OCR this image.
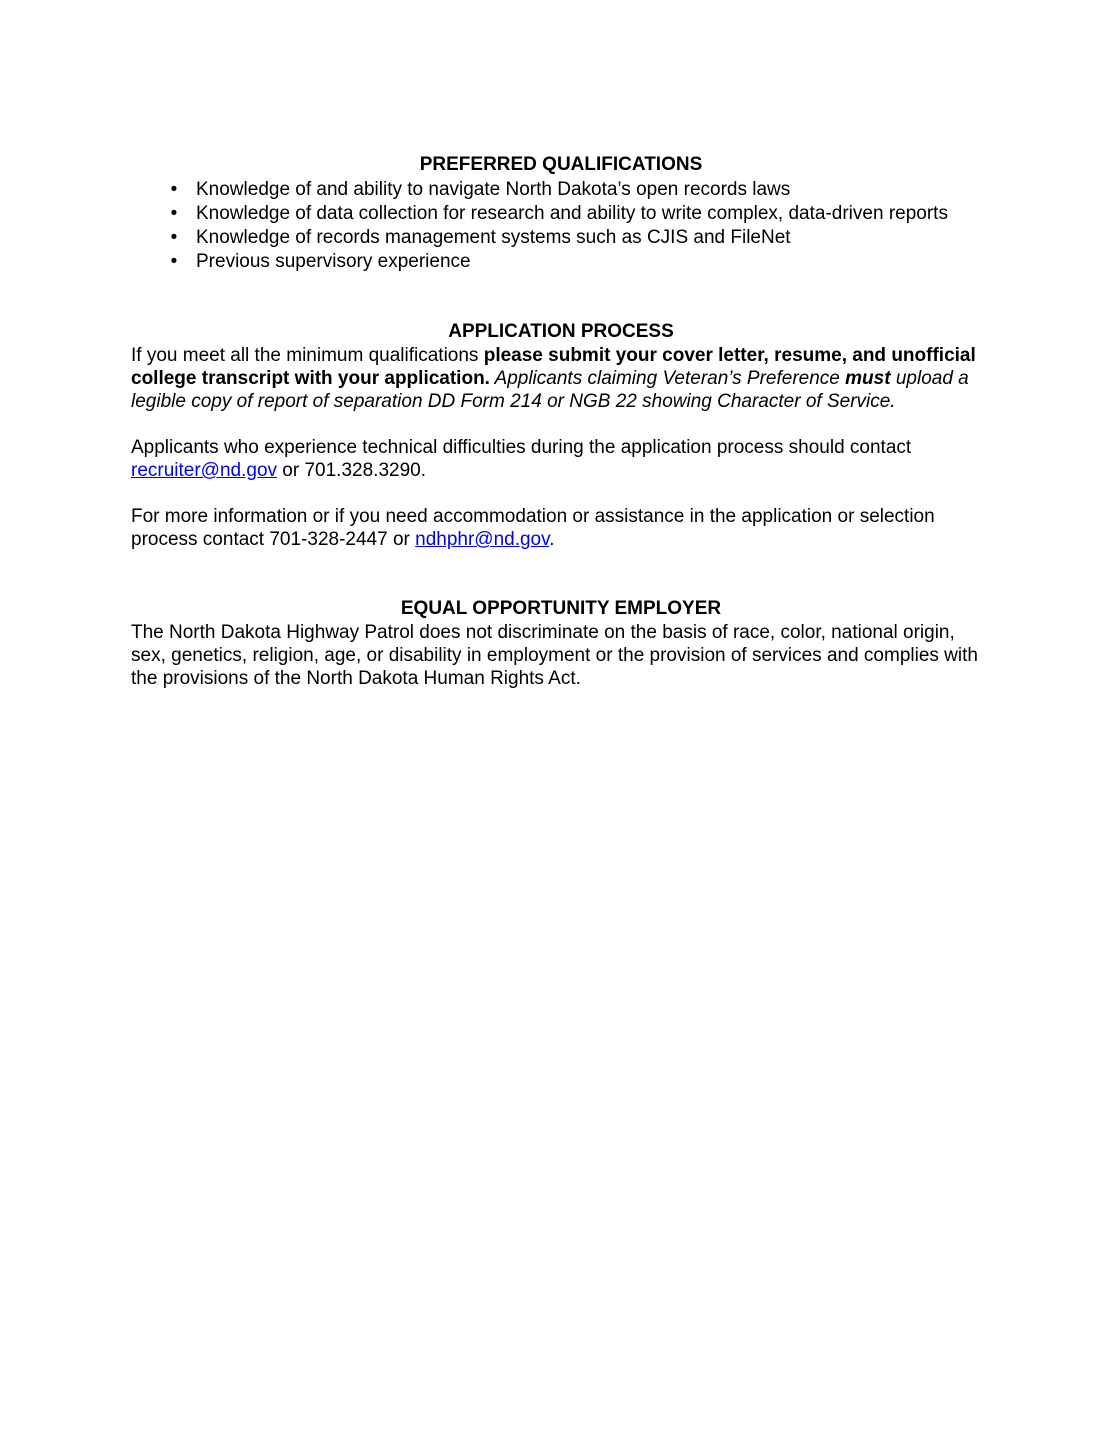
PREFERRED QUALIFICATIONS
• Knowledge of and ability to navigate North Dakota’s open records laws
• Knowledge of data collection for research and ability to write complex, data-driven reports
• Knowledge of records management systems such as CJIS and FileNet
• Previous supervisory experience
APPLICATION PROCESS

If you meet all the minimum qualifications please submit your cover letter, resume, and unofficial college transcript with your application. Applicants claiming Veteran’s Preference must upload a legible copy of report of separation DD Form 214 or NGB 22 showing Character of Service.

Applicants who experience technical difficulties during the application process should contact recruiter@nd.gov or 701.328.3290.

For more information or if you need accommodation or assistance in the application or selection process contact 701-328-2447 or ndhphr@nd.gov.

EQUAL OPPORTUNITY EMPLOYER

The North Dakota Highway Patrol does not discriminate on the basis of race, color, national origin, sex, genetics, religion, age, or disability in employment or the provision of services and complies with the provisions of the North Dakota Human Rights Act.
